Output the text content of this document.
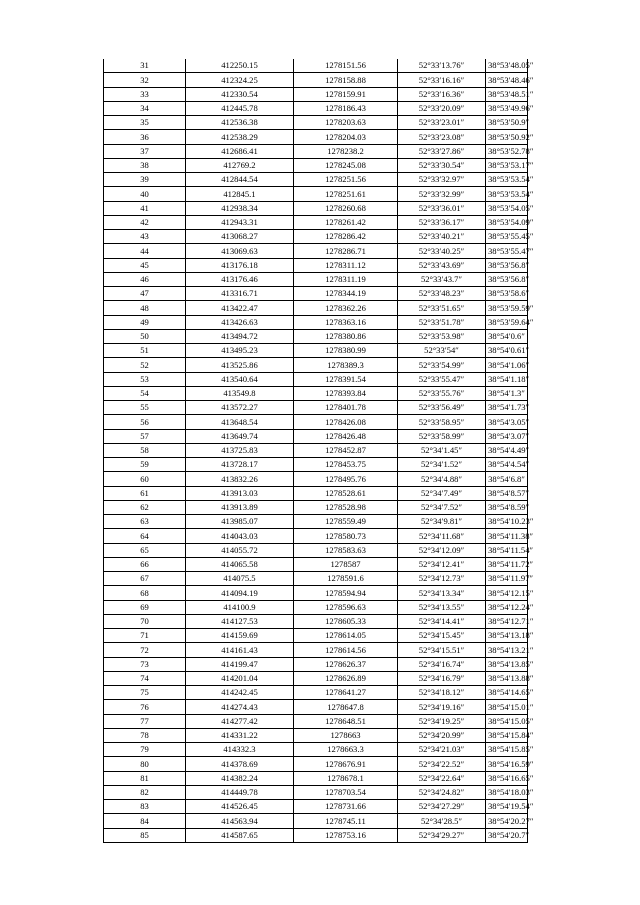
31	412250.15	1278151.56	52°33′13.76″	38°53′48.05″
32	412324.25	1278158.88	52°33′16.16″	38°53′48.46″
33	412330.54	1278159.91	52°33′16.36″	38°53′48.51″
34	412445.78	1278186.43	52°33′20.09″	38°53′49.96″
35	412536.38	1278203.63	52°33′23.01″	38°53′50.9″
36	412538.29	1278204.03	52°33′23.08″	38°53′50.92″
37	412686.41	1278238.2	52°33′27.86″	38°53′52.78″
38	412769.2	1278245.08	52°33′30.54″	38°53′53.17″
39	412844.54	1278251.56	52°33′32.97″	38°53′53.54″
40	412845.1	1278251.61	52°33′32.99″	38°53′53.54″
41	412938.34	1278260.68	52°33′36.01″	38°53′54.05″
42	412943.31	1278261.42	52°33′36.17″	38°53′54.09″
43	413068.27	1278286.42	52°33′40.21″	38°53′55.45″
44	413069.63	1278286.71	52°33′40.25″	38°53′55.47″
45	413176.18	1278311.12	52°33′43.69″	38°53′56.8″
46	413176.46	1278311.19	52°33′43.7″	38°53′56.8″
47	413316.71	1278344.19	52°33′48.23″	38°53′58.6″
48	413422.47	1278362.26	52°33′51.65″	38°53′59.59″
49	413426.63	1278363.16	52°33′51.78″	38°53′59.64″
50	413494.72	1278380.86	52°33′53.98″	38°54′0.6″
51	413495.23	1278380.99	52°33′54″	38°54′0.61″
52	413525.86	1278389.3	52°33′54.99″	38°54′1.06″
53	413540.64	1278391.54	52°33′55.47″	38°54′1.18″
54	413549.8	1278393.84	52°33′55.76″	38°54′1.3″
55	413572.27	1278401.78	52°33′56.49″	38°54′1.73″
56	413648.54	1278426.08	52°33′58.95″	38°54′3.05″
57	413649.74	1278426.48	52°33′58.99″	38°54′3.07″
58	413725.83	1278452.87	52°34′1.45″	38°54′4.49″
59	413728.17	1278453.75	52°34′1.52″	38°54′4.54″
60	413832.26	1278495.76	52°34′4.88″	38°54′6.8″
61	413913.03	1278528.61	52°34′7.49″	38°54′8.57″
62	413913.89	1278528.98	52°34′7.52″	38°54′8.59″
63	413985.07	1278559.49	52°34′9.81″	38°54′10.23″
64	414043.03	1278580.73	52°34′11.68″	38°54′11.38″
65	414055.72	1278583.63	52°34′12.09″	38°54′11.54″
66	414065.58	1278587	52°34′12.41″	38°54′11.72″
67	414075.5	1278591.6	52°34′12.73″	38°54′11.97″
68	414094.19	1278594.94	52°34′13.34″	38°54′12.15″
69	414100.9	1278596.63	52°34′13.55″	38°54′12.24″
70	414127.53	1278605.33	52°34′14.41″	38°54′12.71″
71	414159.69	1278614.05	52°34′15.45″	38°54′13.18″
72	414161.43	1278614.56	52°34′15.51″	38°54′13.21″
73	414199.47	1278626.37	52°34′16.74″	38°54′13.85″
74	414201.04	1278626.89	52°34′16.79″	38°54′13.88″
75	414242.45	1278641.27	52°34′18.12″	38°54′14.65″
76	414274.43	1278647.8	52°34′19.16″	38°54′15.01″
77	414277.42	1278648.51	52°34′19.25″	38°54′15.05″
78	414331.22	1278663	52°34′20.99″	38°54′15.84″
79	414332.3	1278663.3	52°34′21.03″	38°54′15.85″
80	414378.69	1278676.91	52°34′22.52″	38°54′16.59″
81	414382.24	1278678.1	52°34′22.64″	38°54′16.65″
82	414449.78	1278703.54	52°34′24.82″	38°54′18.03″
83	414526.45	1278731.66	52°34′27.29″	38°54′19.54″
84	414563.94	1278745.11	52°34′28.5″	38°54′20.27″
85	414587.65	1278753.16	52°34′29.27″	38°54′20.7″
